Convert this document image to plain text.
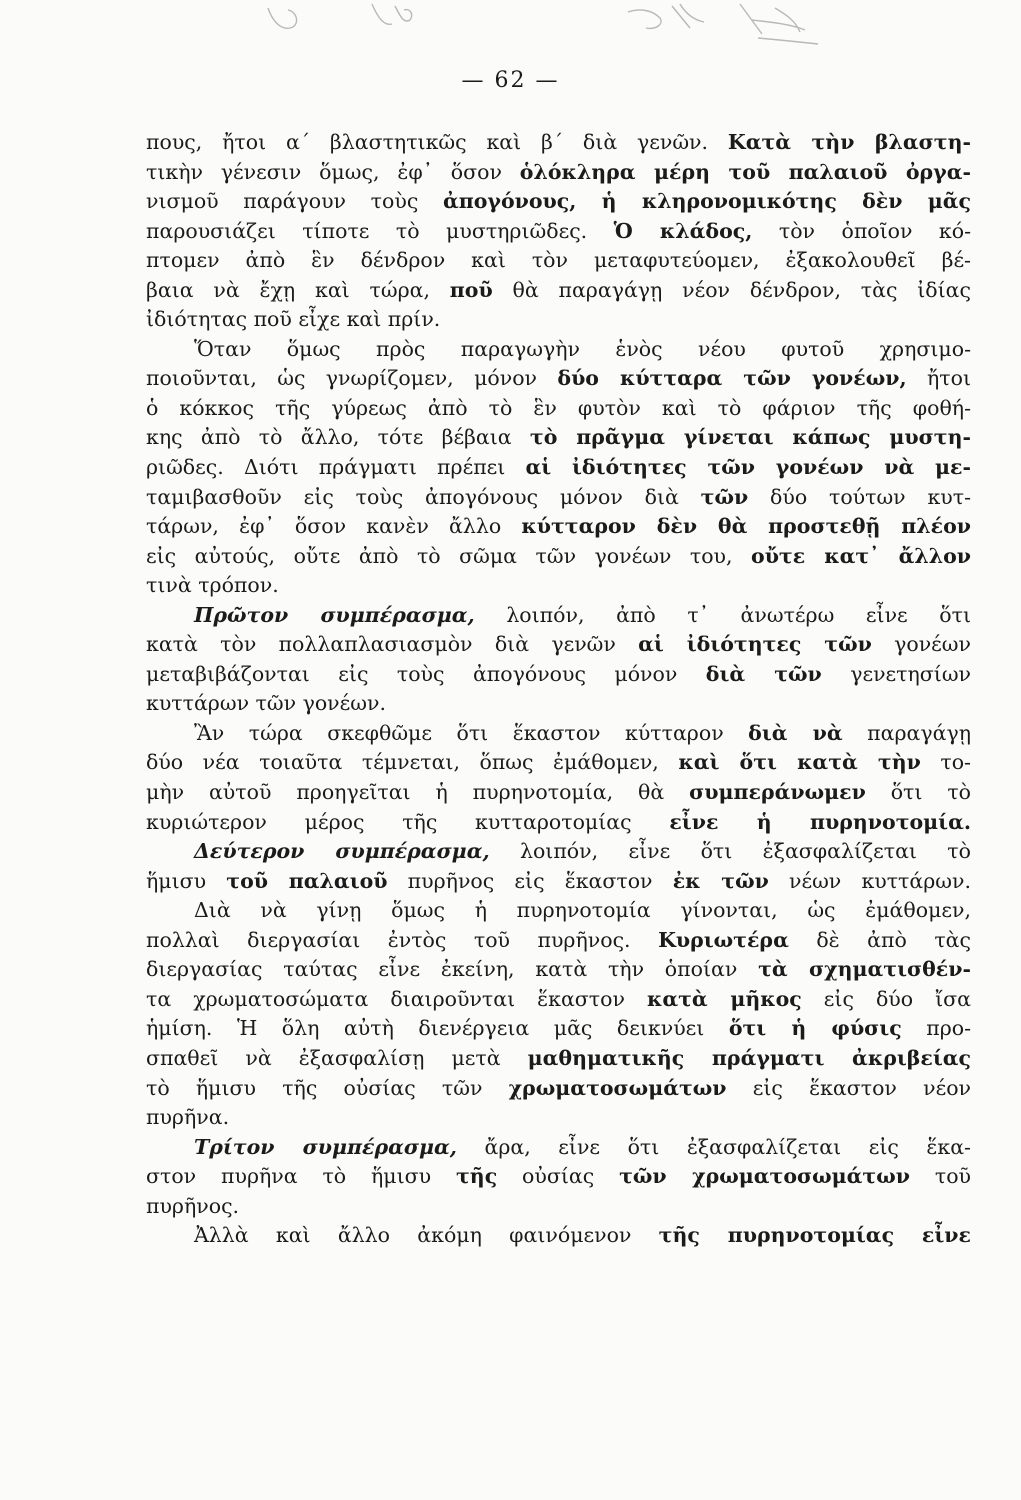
— 62 —
πους, ἤτοι α΄ βλαστητικῶς καὶ β΄ διὰ γενῶν. Κατὰ τὴν βλαστη-
τικὴν γένεσιν ὅμως, ἐφ᾽ ὅσον ὁλόκληρα μέρη τοῦ παλαιοῦ ὀργα-
νισμοῦ παράγουν τοὺς ἀπογόνους, ἡ κληρονομικότης δὲν μᾶς
παρουσιάζει τίποτε τὸ μυστηριῶδες. Ὁ κλάδος, τὸν ὁποῖον κό-
πτομεν ἀπὸ ἓν δένδρον καὶ τὸν μεταφυτεύομεν, ἐξακολουθεῖ βέ-
βαια νὰ ἔχῃ καὶ τώρα, ποῦ θὰ παραγάγῃ νέον δένδρον, τὰς ἰδίας
ἰδιότητας ποῦ εἶχε καὶ πρίν.
Ὅταν ὅμως πρὸς παραγωγὴν ἑνὸς νέου φυτοῦ χρησιμο-
ποιοῦνται, ὡς γνωρίζομεν, μόνον δύο κύτταρα τῶν γονέων, ἤτοι
ὁ κόκκος τῆς γύρεως ἀπὸ τὸ ἓν φυτὸν καὶ τὸ φάριον τῆς φοθή-
κης ἀπὸ τὸ ἄλλο, τότε βέβαια τὸ πρᾶγμα γίνεται κάπως μυστη-
ριῶδες. Διότι πράγματι πρέπει αἱ ἰδιότητες τῶν γονέων νὰ με-
ταμιβασθοῦν εἰς τοὺς ἀπογόνους μόνον διὰ τῶν δύο τούτων κυτ-
τάρων, ἐφ᾽ ὅσον κανὲν ἄλλο κύτταρον δὲν θὰ προστεθῇ πλέον
εἰς αὐτούς, οὔτε ἀπὸ τὸ σῶμα τῶν γονέων του, οὔτε κατ᾽ ἄλλον
τινὰ τρόπον.
Πρῶτον συμπέρασμα, λοιπόν, ἀπὸ τ᾽ ἀνωτέρω εἶνε ὅτι
κατὰ τὸν πολλαπλασιασμὸν διὰ γενῶν αἱ ἰδιότητες τῶν γονέων
μεταβιβάζονται εἰς τοὺς ἀπογόνους μόνον διὰ τῶν γενετησίων
κυττάρων τῶν γονέων.
Ἂν τώρα σκεφθῶμε ὅτι ἕκαστον κύτταρον διὰ νὰ παραγάγῃ
δύο νέα τοιαῦτα τέμνεται, ὅπως ἐμάθομεν, καὶ ὅτι κατὰ τὴν το-
μὴν αὐτοῦ προηγεῖται ἡ πυρηνοτομία, θὰ συμπεράνωμεν ὅτι τὸ
κυριώτερον μέρος τῆς κυτταροτομίας εἶνε ἡ πυρηνοτομία.
Δεύτερον συμπέρασμα, λοιπόν, εἶνε ὅτι ἐξασφαλίζεται τὸ
ἥμισυ τοῦ παλαιοῦ πυρῆνος εἰς ἕκαστον ἐκ τῶν νέων κυττάρων.
Διὰ νὰ γίνῃ ὅμως ἡ πυρηνοτομία γίνονται, ὡς ἐμάθομεν,
πολλαὶ διεργασίαι ἐντὸς τοῦ πυρῆνος. Κυριωτέρα δὲ ἀπὸ τὰς
διεργασίας ταύτας εἶνε ἐκείνη, κατὰ τὴν ὁποίαν τὰ σχηματισθέν-
τα χρωματοσώματα διαιροῦνται ἕκαστον κατὰ μῆκος εἰς δύο ἴσα
ἡμίση. Ἡ ὅλη αὐτὴ διενέργεια μᾶς δεικνύει ὅτι ἡ φύσις προ-
σπαθεῖ νὰ ἐξασφαλίσῃ μετὰ μαθηματικῆς πράγματι ἀκριβείας
τὸ ἥμισυ τῆς οὐσίας τῶν χρωματοσωμάτων εἰς ἕκαστον νέον
πυρῆνα.
Τρίτον συμπέρασμα, ἄρα, εἶνε ὅτι ἐξασφαλίζεται εἰς ἕκα-
στον πυρῆνα τὸ ἥμισυ τῆς οὐσίας τῶν χρωματοσωμάτων τοῦ
πυρῆνος.
Ἀλλὰ καὶ ἄλλο ἀκόμη φαινόμενον τῆς πυρηνοτομίας εἶνε
